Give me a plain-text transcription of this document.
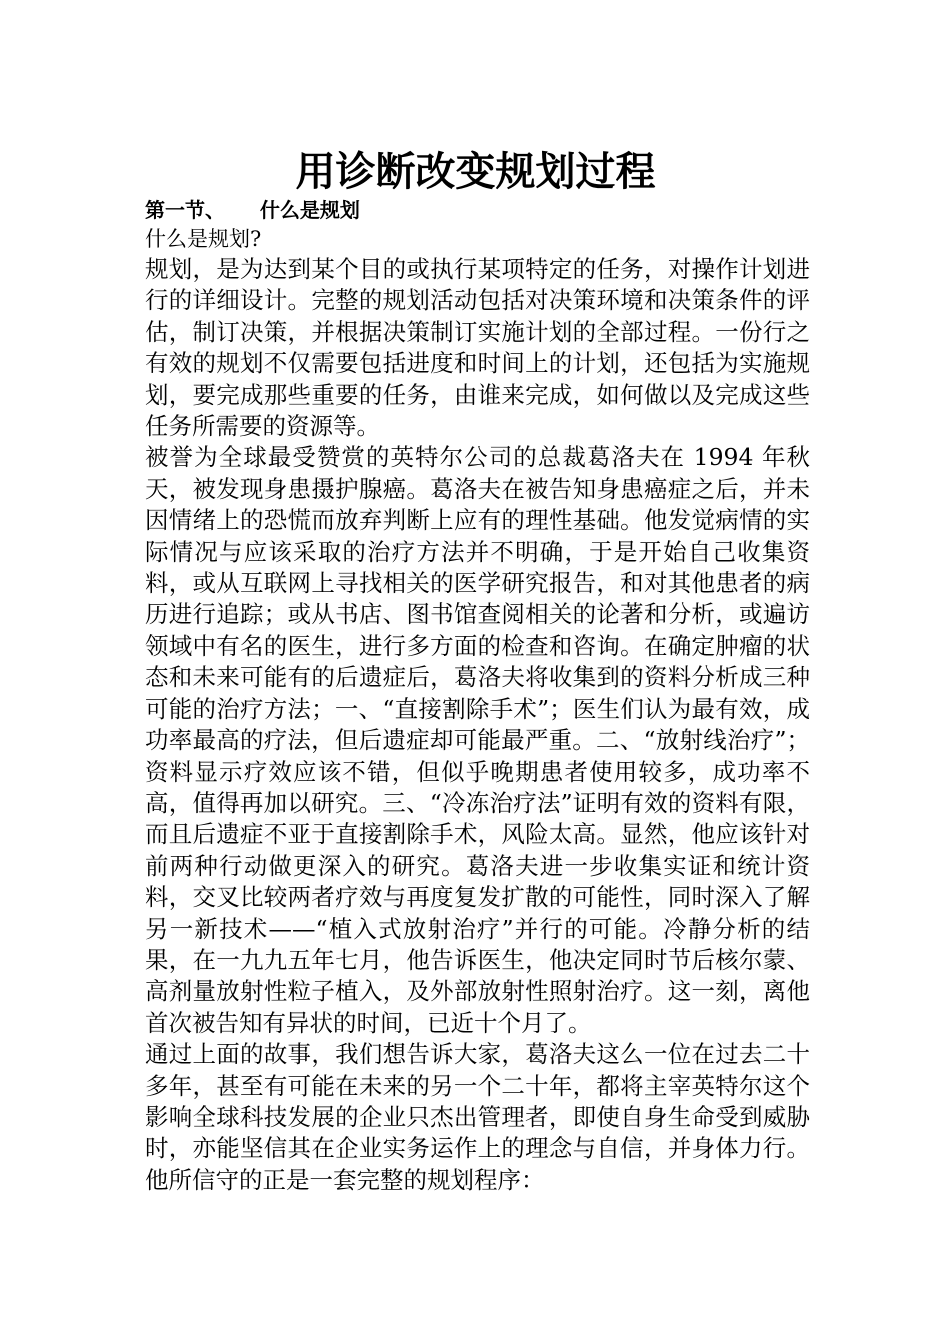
用诊断改变规划过程
第一节、     什么是规划

什么是规划?

规划，是为达到某个目的或执行某项特定的任务，对操作计划进行的详细设计。完整的规划活动包括对决策环境和决策条件的评估，制订决策，并根据决策制订实施计划的全部过程。一份行之有效的规划不仅需要包括进度和时间上的计划，还包括为实施规划，要完成那些重要的任务，由谁来完成，如何做以及完成这些任务所需要的资源等。

被誉为全球最受赞赏的英特尔公司的总裁葛洛夫在 1994 年秋天，被发现身患摄护腺癌。葛洛夫在被告知身患癌症之后，并未因情绪上的恐慌而放弃判断上应有的理性基础。他发觉病情的实际情况与应该采取的治疗方法并不明确，于是开始自己收集资料，或从互联网上寻找相关的医学研究报告，和对其他患者的病历进行追踪；或从书店、图书馆查阅相关的论著和分析，或遍访领域中有名的医生，进行多方面的检查和咨询。在确定肿瘤的状态和未来可能有的后遗症后，葛洛夫将收集到的资料分析成三种可能的治疗方法；一、“直接割除手术”；医生们认为最有效，成功率最高的疗法，但后遗症却可能最严重。二、“放射线治疗”；资料显示疗效应该不错，但似乎晚期患者使用较多，成功率不高，值得再加以研究。三、“冷冻治疗法”证明有效的资料有限，而且后遗症不亚于直接割除手术，风险太高。显然，他应该针对前两种行动做更深入的研究。葛洛夫进一步收集实证和统计资料，交叉比较两者疗效与再度复发扩散的可能性，同时深入了解另一新技术——“植入式放射治疗”并行的可能。冷静分析的结果，在一九九五年七月，他告诉医生，他决定同时节后核尔蒙、高剂量放射性粒子植入，及外部放射性照射治疗。这一刻，离他首次被告知有异状的时间，已近十个月了。

通过上面的故事，我们想告诉大家，葛洛夫这么一位在过去二十多年，甚至有可能在未来的另一个二十年，都将主宰英特尔这个影响全球科技发展的企业只杰出管理者，即使自身生命受到威胁时，亦能坚信其在企业实务运作上的理念与自信，并身体力行。他所信守的正是一套完整的规划程序：
